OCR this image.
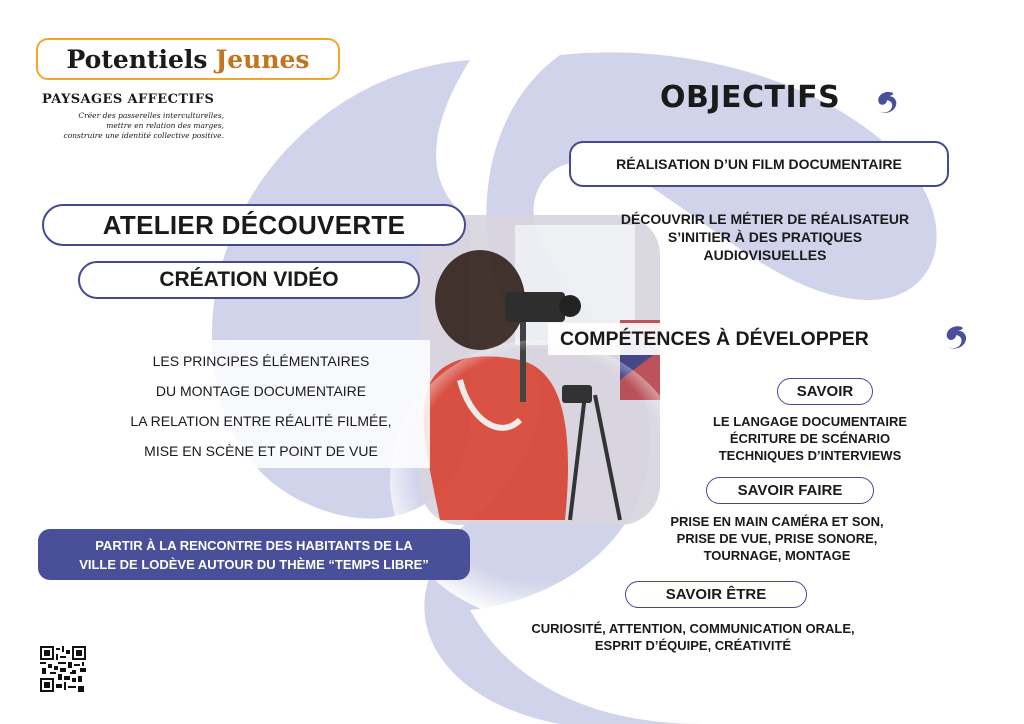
Potentiels Jeunes
PAYSAGES AFFECTIFS
Créer des passerelles interculturelles,
mettre en relation des marges,
construire une identité collective positive.
ATELIER DÉCOUVERTE
CRÉATION VIDÉO
LES PRINCIPES ÉLÉMENTAIRES
DU MONTAGE DOCUMENTAIRE
LA RELATION ENTRE RÉALITÉ FILMÉE,
MISE EN SCÈNE ET POINT DE VUE
PARTIR À LA RENCONTRE DES HABITANTS DE LA
VILLE DE LODÈVE AUTOUR DU THÈME “TEMPS LIBRE”
OBJECTIFS
RÉALISATION D’UN FILM DOCUMENTAIRE
DÉCOUVRIR LE MÉTIER DE RÉALISATEUR
S’INITIER À DES PRATIQUES
AUDIOVISUELLES
COMPÉTENCES À DÉVELOPPER
SAVOIR
LE LANGAGE DOCUMENTAIRE
ÉCRITURE DE SCÉNARIO
TECHNIQUES D’INTERVIEWS
SAVOIR FAIRE
PRISE EN MAIN CAMÉRA ET SON,
PRISE DE VUE, PRISE SONORE,
TOURNAGE, MONTAGE
SAVOIR ÊTRE
CURIOSITÉ, ATTENTION, COMMUNICATION ORALE,
ESPRIT D’ÉQUIPE, CRÉATIVITÉ
